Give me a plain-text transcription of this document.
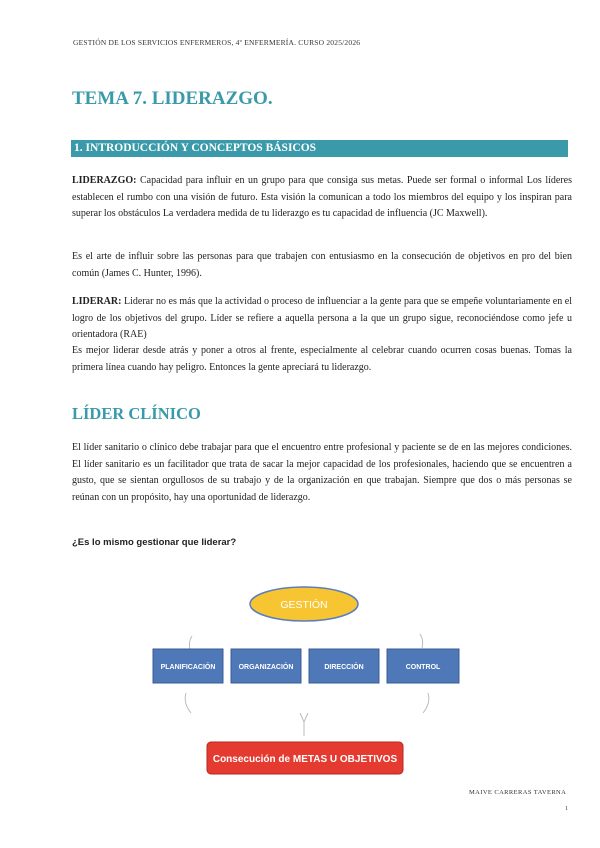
GESTIÓN DE LOS SERVICIOS ENFERMEROS, 4º ENFERMERÍA. CURSO 2025/2026
TEMA 7. LIDERAZGO.
1. INTRODUCCIÓN Y CONCEPTOS BÁSICOS

LIDERAZGO: Capacidad para influir en un grupo para que consiga sus metas. Puede ser formal o informal Los líderes establecen el rumbo con una visión de futuro. Esta visión la comunican a todo los miembros del equipo y los inspiran para superar los obstáculos La verdadera medida de tu liderazgo es tu capacidad de influencia (JC Maxwell).

Es el arte de influir sobre las personas para que trabajen con entusiasmo en la consecución de objetivos en pro del bien común (James C. Hunter, 1996).

LIDERAR: Liderar no es más que la actividad o proceso de influenciar a la gente para que se empeñe voluntariamente en el logro de los objetivos del grupo. Líder se refiere a aquella persona a la que un grupo sigue, reconociéndose como jefe u orientadora (RAE)

Es mejor liderar desde atrás y poner a otros al frente, especialmente al celebrar cuando ocurren cosas buenas. Tomas la primera línea cuando hay peligro. Entonces la gente apreciará tu liderazgo.

LÍDER CLÍNICO

El líder sanitario o clínico debe trabajar para que el encuentro entre profesional y paciente se de en las mejores condiciones. El líder sanitario es un facilitador que trata de sacar la mejor capacidad de los profesionales, haciendo que se encuentren a gusto, que se sientan orgullosos de su trabajo y de la organización en que trabajan. Siempre que dos o más personas se reúnan con un propósito, hay una oportunidad de liderazgo.

¿Es lo mismo gestionar que liderar?
GESTIÓN
PLANIFICACIÓN	ORGANIZACIÓN	DIRECCIÓN	CONTROL
Consecución de METAS U OBJETIVOS
MAIVE CARRERAS TAVERNA
1
